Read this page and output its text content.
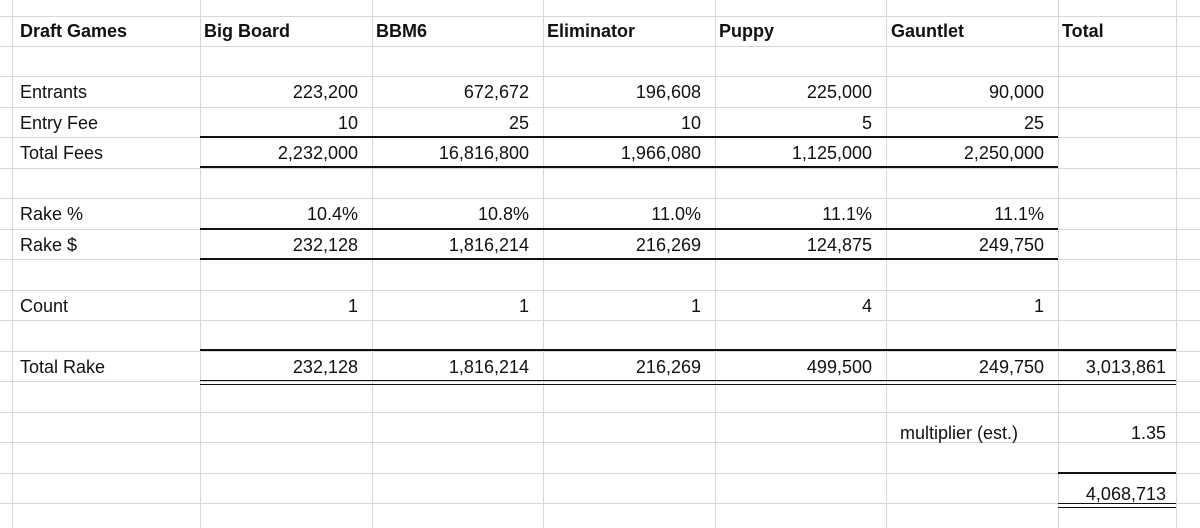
Draft Games	Big Board	BBM6	Eliminator	Puppy	Gauntlet	Total
Entrants	223,200	672,672	196,608	225,000	90,000
Entry Fee	10	25	10	5	25
Total Fees	2,232,000	16,816,800	1,966,080	1,125,000	2,250,000
Rake %	10.4%	10.8%	11.0%	11.1%	11.1%
Rake $	232,128	1,816,214	216,269	124,875	249,750
Count	1	1	1	4	1
Total Rake	232,128	1,816,214	216,269	499,500	249,750	3,013,861
multiplier (est.)	1.35
4,068,713
